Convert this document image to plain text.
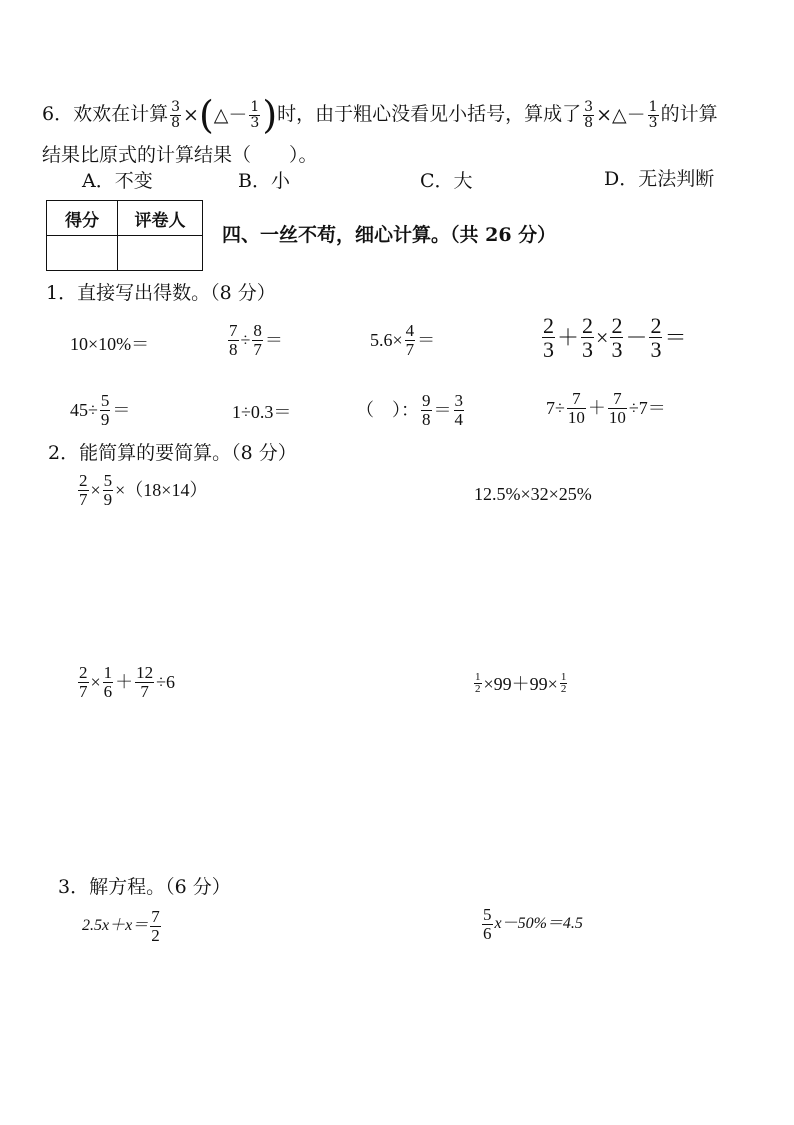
6．欢欢在计算 $\frac{3}{8}$ ×(△－ $\frac{1}{3}$ )时，由于粗心没看见小括号，算成了 $\frac{3}{8}$ ×△－ $\frac{1}{3}$ 的计算
结果比原式的计算结果（　　）。
A．不变	B．小	C．大	D．无法判断
得分	评卷人

四、一丝不苟，细心计算。（共 26 分）
1．直接写出得数。（8 分）
10×10%＝	$\frac{7}{8} \div \frac{8}{7}$ ＝	$5.6\times \frac{4}{7}$ ＝	$\frac{2}{3} + \frac{2}{3} \times \frac{2}{3} - \frac{2}{3}$ ＝
$45\div \frac{5}{9}$ ＝	1÷0.3＝	（　）： $\frac{9}{8} = \frac{3}{4}$	$7\div \frac{7}{10} + \frac{7}{10} \div 7=$
2．能简算的要简算。（8 分）
$\frac{2}{7} \times \frac{5}{9} \times(18\times 14)$	12.5%×32×25%
$\frac{2}{7} \times \frac{1}{6} + \frac{12}{7} \div 6$	$\frac{1}{2} \times 99+99\times \frac{1}{2}$
3．解方程。（6 分）
$2.5x+x= \frac{7}{2}$	$\frac{5}{6} x-50\%=4.5$
